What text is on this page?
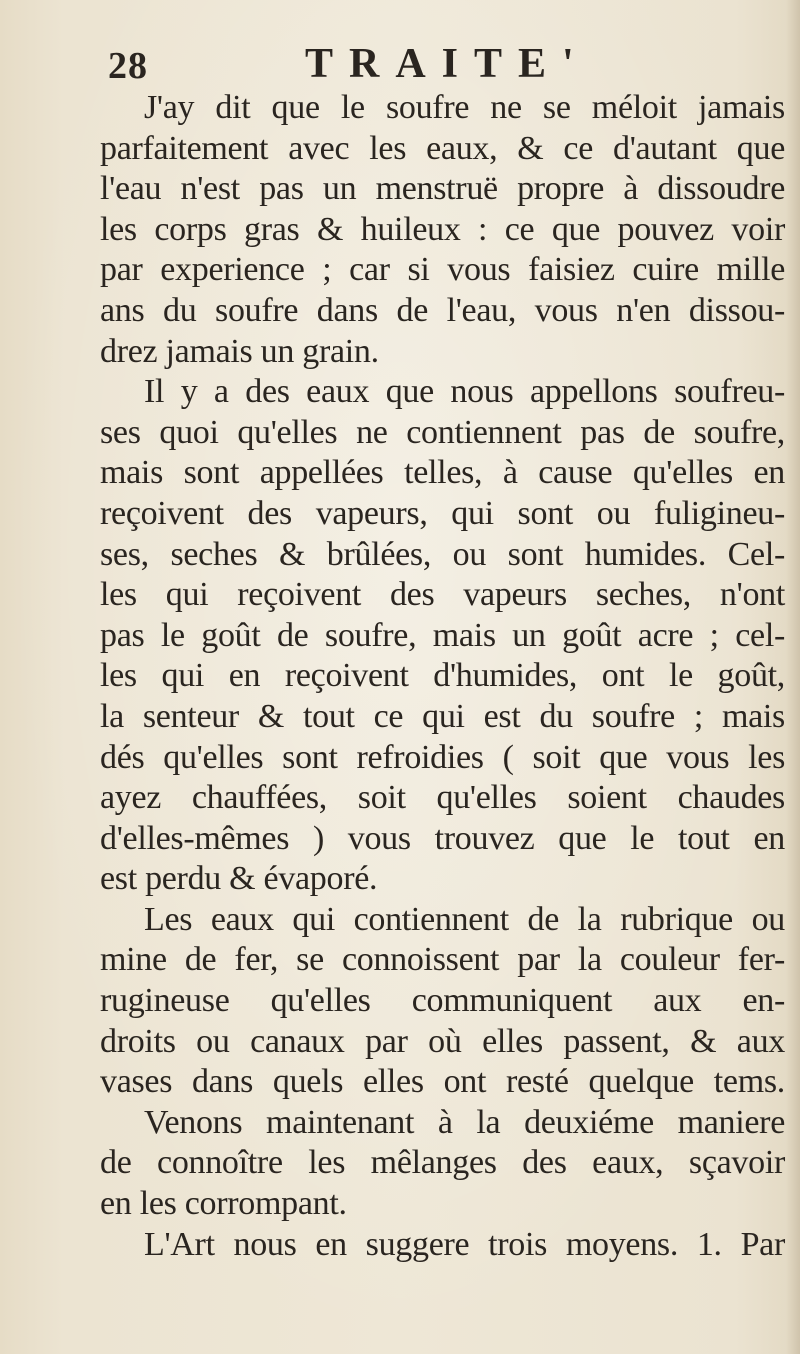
28	TRAITE'
J'ay dit que le soufre ne se méloit jamais
parfaitement avec les eaux, & ce d'autant que
l'eau n'est pas un menstruë propre à dissoudre
les corps gras & huileux : ce que pouvez voir
par experience ; car si vous faisiez cuire mille
ans du soufre dans de l'eau, vous n'en dissou-
drez jamais un grain.
Il y a des eaux que nous appellons soufreu-
ses quoi qu'elles ne contiennent pas de soufre,
mais sont appellées telles, à cause qu'elles en
reçoivent des vapeurs, qui sont ou fuligineu-
ses, seches & brûlées, ou sont humides. Cel-
les qui reçoivent des vapeurs seches, n'ont
pas le goût de soufre, mais un goût acre ; cel-
les qui en reçoivent d'humides, ont le goût,
la senteur & tout ce qui est du soufre ; mais
dés qu'elles sont refroidies ( soit que vous les
ayez chauffées, soit qu'elles soient chaudes
d'elles-mêmes ) vous trouvez que le tout en
est perdu & évaporé.
Les eaux qui contiennent de la rubrique ou
mine de fer, se connoissent par la couleur fer-
rugineuse qu'elles communiquent aux en-
droits ou canaux par où elles passent, & aux
vases dans quels elles ont resté quelque tems.
Venons maintenant à la deuxiéme maniere
de connoître les mêlanges des eaux, sçavoir
en les corrompant.
L'Art nous en suggere trois moyens. 1. Par
